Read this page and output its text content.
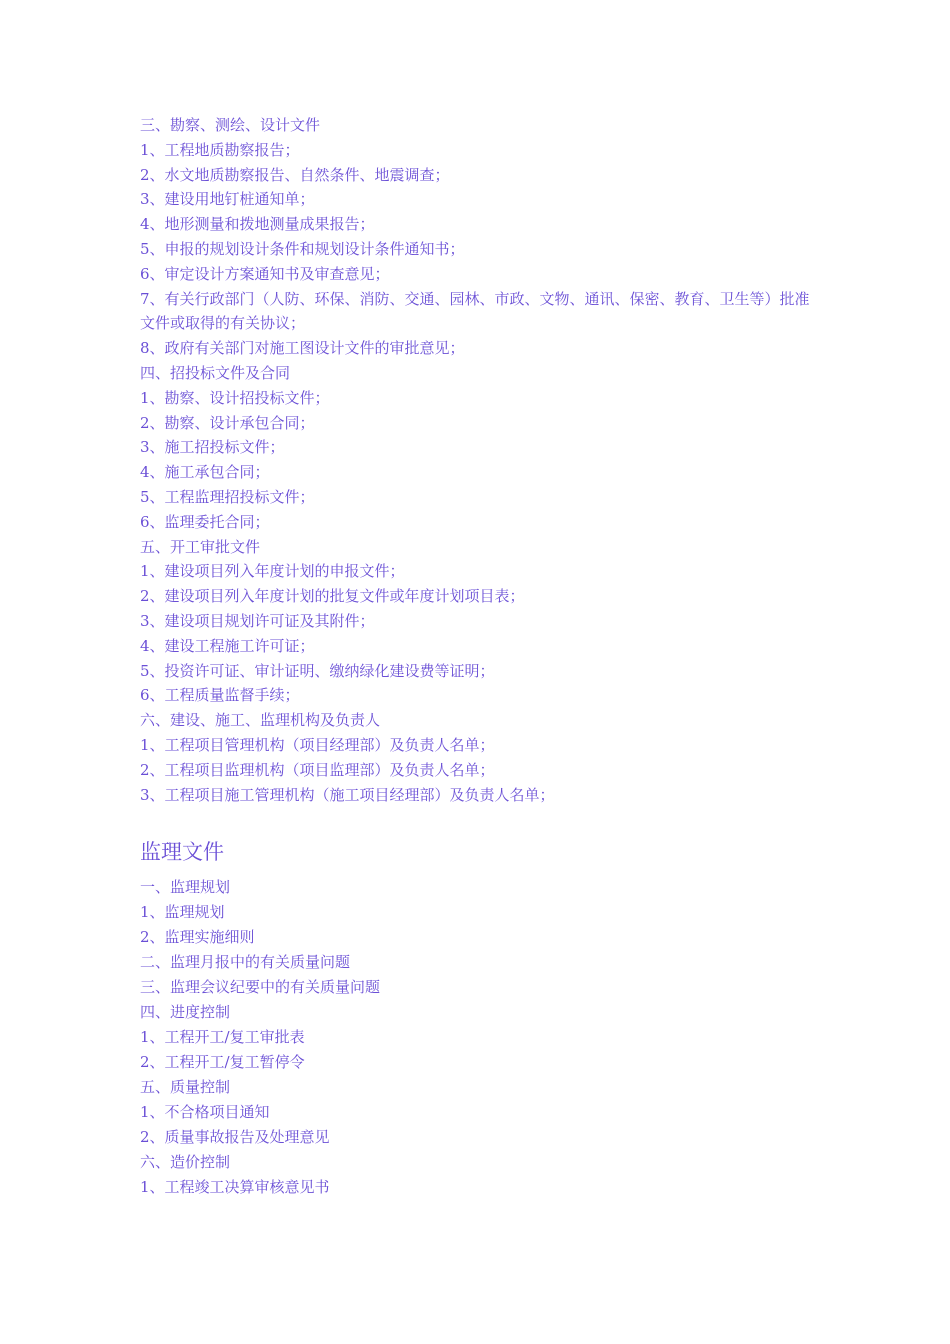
三、勘察、测绘、设计文件
1、工程地质勘察报告；
2、水文地质勘察报告、自然条件、地震调查；
3、建设用地钉桩通知单；
4、地形测量和拨地测量成果报告；
5、申报的规划设计条件和规划设计条件通知书；
6、审定设计方案通知书及审查意见；
7、有关行政部门（人防、环保、消防、交通、园林、市政、文物、通讯、保密、教育、卫生等）批准文件或取得的有关协议；
8、政府有关部门对施工图设计文件的审批意见；
四、招投标文件及合同
1、勘察、设计招投标文件；
2、勘察、设计承包合同；
3、施工招投标文件；
4、施工承包合同；
5、工程监理招投标文件；
6、监理委托合同；
五、开工审批文件
1、建设项目列入年度计划的申报文件；
2、建设项目列入年度计划的批复文件或年度计划项目表；
3、建设项目规划许可证及其附件；
4、建设工程施工许可证；
5、投资许可证、审计证明、缴纳绿化建设费等证明；
6、工程质量监督手续；
六、建设、施工、监理机构及负责人
1、工程项目管理机构（项目经理部）及负责人名单；
2、工程项目监理机构（项目监理部）及负责人名单；
3、工程项目施工管理机构（施工项目经理部）及负责人名单；
监理文件
一、监理规划
1、监理规划
2、监理实施细则
二、监理月报中的有关质量问题
三、监理会议纪要中的有关质量问题
四、进度控制
1、工程开工/复工审批表
2、工程开工/复工暂停令
五、质量控制
1、不合格项目通知
2、质量事故报告及处理意见
六、造价控制
1、工程竣工决算审核意见书
